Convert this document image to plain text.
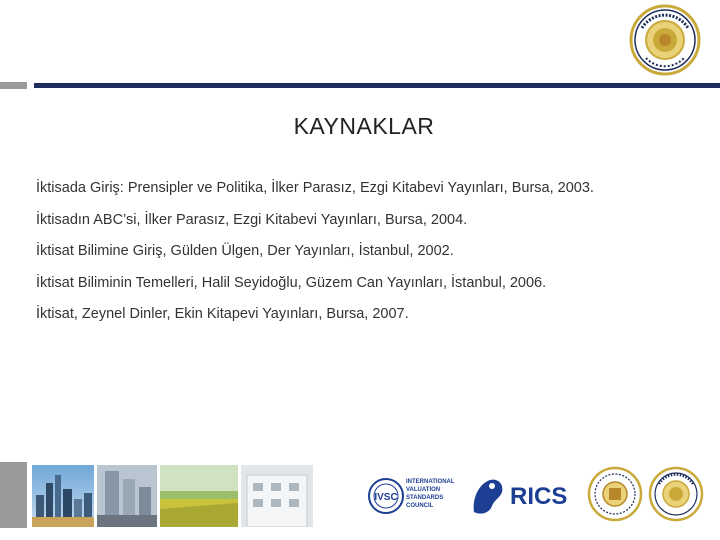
KAYNAKLAR
İktisada Giriş: Prensipler ve Politika, İlker Parasız, Ezgi Kitabevi Yayınları, Bursa, 2003.
İktisadın ABC’si, İlker Parasız, Ezgi Kitabevi Yayınları, Bursa, 2004.
İktisat Bilimine Giriş, Gülden Ülgen, Der Yayınları, İstanbul, 2002.
İktisat Biliminin Temelleri, Halil Seyidoğlu, Güzem Can Yayınları, İstanbul, 2006.
İktisat, Zeynel Dinler, Ekin Kitapevi Yayınları, Bursa, 2007.
IVSC
INTERNATIONAL VALUATION STANDARDS COUNCIL	RICS
